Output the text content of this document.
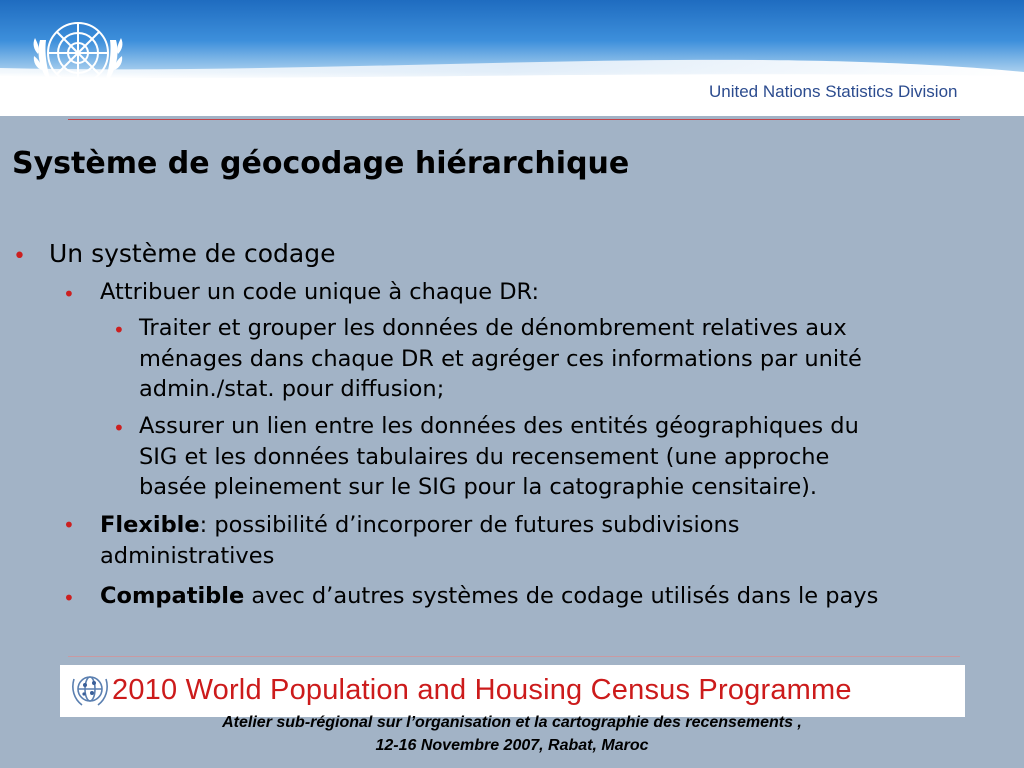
United Nations Statistics Division
Système de géocodage hiérarchique
• Un système de codage
• Attribuer un code unique à chaque DR:
• Traiter et grouper les données de dénombrement relatives aux
ménages dans chaque DR et agréger ces informations par unité
admin./stat. pour diffusion;
• Assurer un lien entre les données des entités géographiques du
SIG et les données tabulaires du recensement (une approche
basée pleinement sur le SIG pour la catographie censitaire).
• Flexible: possibilité d’incorporer de futures subdivisions
administratives
• Compatible avec d’autres systèmes de codage utilisés dans le pays
2010 World Population and Housing Census Programme
Atelier sub-régional sur l’organisation et la cartographie des recensements ,
12-16 Novembre 2007, Rabat, Maroc
